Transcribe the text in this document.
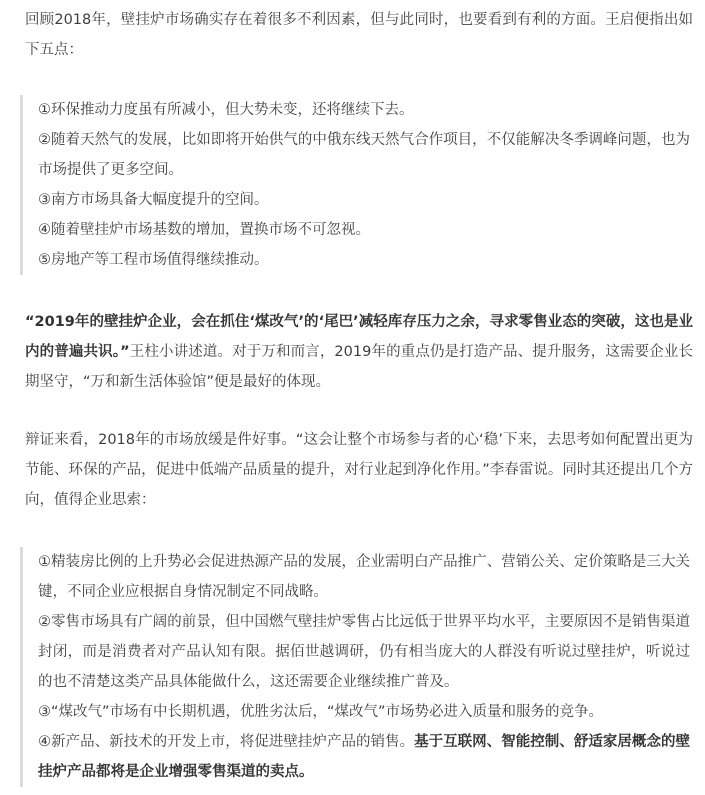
回顾2018年，壁挂炉市场确实存在着很多不利因素，但与此同时，也要看到有利的方面。王启便指出如下五点：

①环保推动力度虽有所减小，但大势未变，还将继续下去。

②随着天然气的发展，比如即将开始供气的中俄东线天然气合作项目，不仅能解决冬季调峰问题，也为市场提供了更多空间。

③南方市场具备大幅度提升的空间。

④随着壁挂炉市场基数的增加，置换市场不可忽视。

⑤房地产等工程市场值得继续推动。

“2019年的壁挂炉企业，会在抓住‘煤改气’的‘尾巴’减轻库存压力之余，寻求零售业态的突破，这也是业内的普遍共识。”王柱小讲述道。对于万和而言，2019年的重点仍是打造产品、提升服务，这需要企业长期坚守，“万和新生活体验馆”便是最好的体现。

辩证来看，2018年的市场放缓是件好事。“这会让整个市场参与者的心‘稳’下来，去思考如何配置出更为节能、环保的产品，促进中低端产品质量的提升，对行业起到净化作用。”李春雷说。同时其还提出几个方向，值得企业思索：

①精装房比例的上升势必会促进热源产品的发展，企业需明白产品推广、营销公关、定价策略是三大关键，不同企业应根据自身情况制定不同战略。

②零售市场具有广阔的前景，但中国燃气壁挂炉零售占比远低于世界平均水平，主要原因不是销售渠道封闭，而是消费者对产品认知有限。据佰世越调研，仍有相当庞大的人群没有听说过壁挂炉，听说过的也不清楚这类产品具体能做什么，这还需要企业继续推广普及。

③“煤改气”市场有中长期机遇，优胜劣汰后，“煤改气”市场势必进入质量和服务的竞争。

④新产品、新技术的开发上市，将促进壁挂炉产品的销售。基于互联网、智能控制、舒适家居概念的壁挂炉产品都将是企业增强零售渠道的卖点。
